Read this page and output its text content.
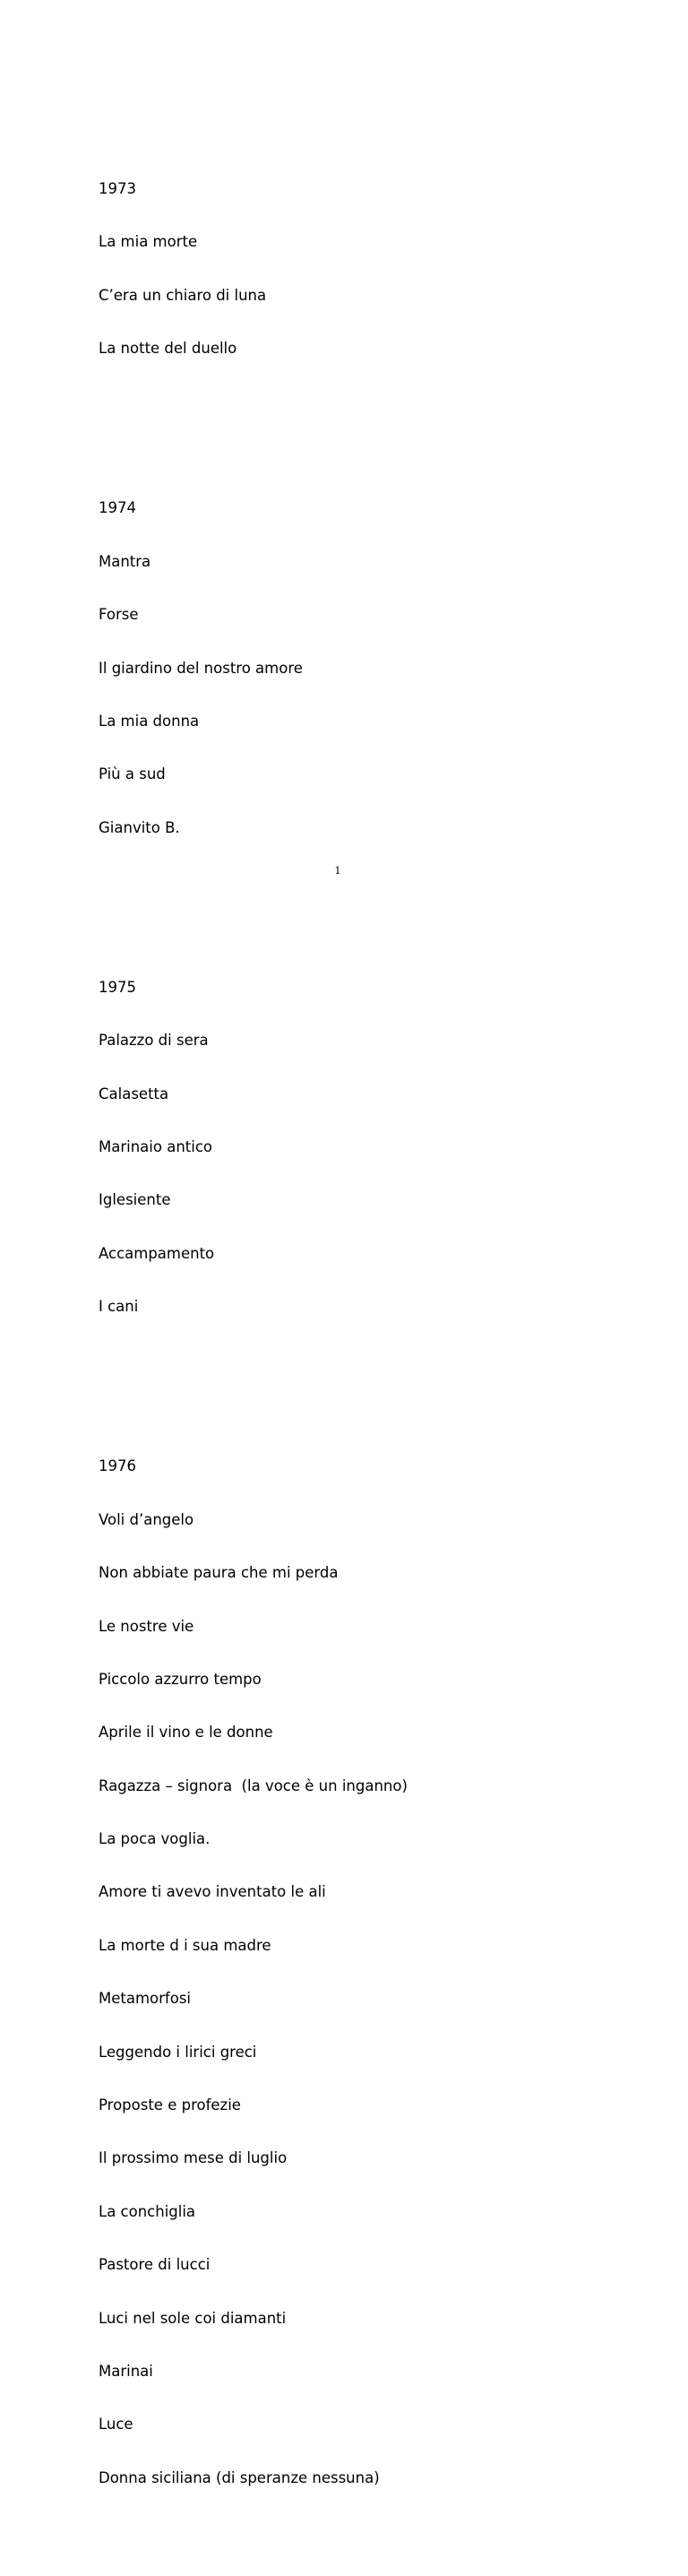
1973

La mia morte

C’era un chiaro di luna

La notte del duello

1974

Mantra

Forse

Il giardino del nostro amore

La mia donna

Più a sud

Gianvito B.

1975

Palazzo di sera

Calasetta

Marinaio antico

Iglesiente

Accampamento

I cani

1976

Voli d’angelo

Non abbiate paura che mi perda

Le nostre vie

Piccolo azzurro tempo

Aprile il vino e le donne

Ragazza – signora  (la voce è un inganno)

La poca voglia.

Amore ti avevo inventato le ali

La morte d i sua madre

Metamorfosi

Leggendo i lirici greci

Proposte e profezie

Il prossimo mese di luglio

La conchiglia

Pastore di lucci

Luci nel sole coi diamanti

Marinai

Luce

Donna siciliana (di speranze nessuna)

1
